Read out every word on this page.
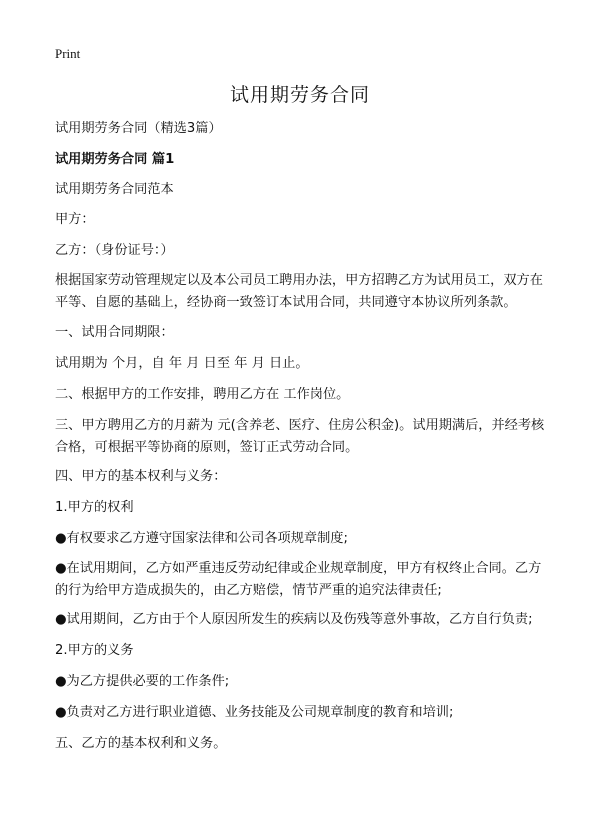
Print
试用期劳务合同

试用期劳务合同（精选3篇）

试用期劳务合同 篇1

试用期劳务合同范本

甲方：

乙方：（身份证号：）

根据国家劳动管理规定以及本公司员工聘用办法，甲方招聘乙方为试用员工，双方在平等、自愿的基础上，经协商一致签订本试用合同，共同遵守本协议所列条款。

一、试用合同期限：

试用期为 个月，自 年 月 日至 年 月 日止。

二、根据甲方的工作安排，聘用乙方在 工作岗位。

三、甲方聘用乙方的月薪为 元(含养老、医疗、住房公积金)。试用期满后，并经考核合格，可根据平等协商的原则，签订正式劳动合同。

四、甲方的基本权利与义务：

1.甲方的权利

●有权要求乙方遵守国家法律和公司各项规章制度;

●在试用期间，乙方如严重违反劳动纪律或企业规章制度，甲方有权终止合同。乙方的行为给甲方造成损失的，由乙方赔偿，情节严重的追究法律责任;

●试用期间，乙方由于个人原因所发生的疾病以及伤残等意外事故，乙方自行负责;

2.甲方的义务

●为乙方提供必要的工作条件;

●负责对乙方进行职业道德、业务技能及公司规章制度的教育和培训;

五、乙方的基本权利和义务。
